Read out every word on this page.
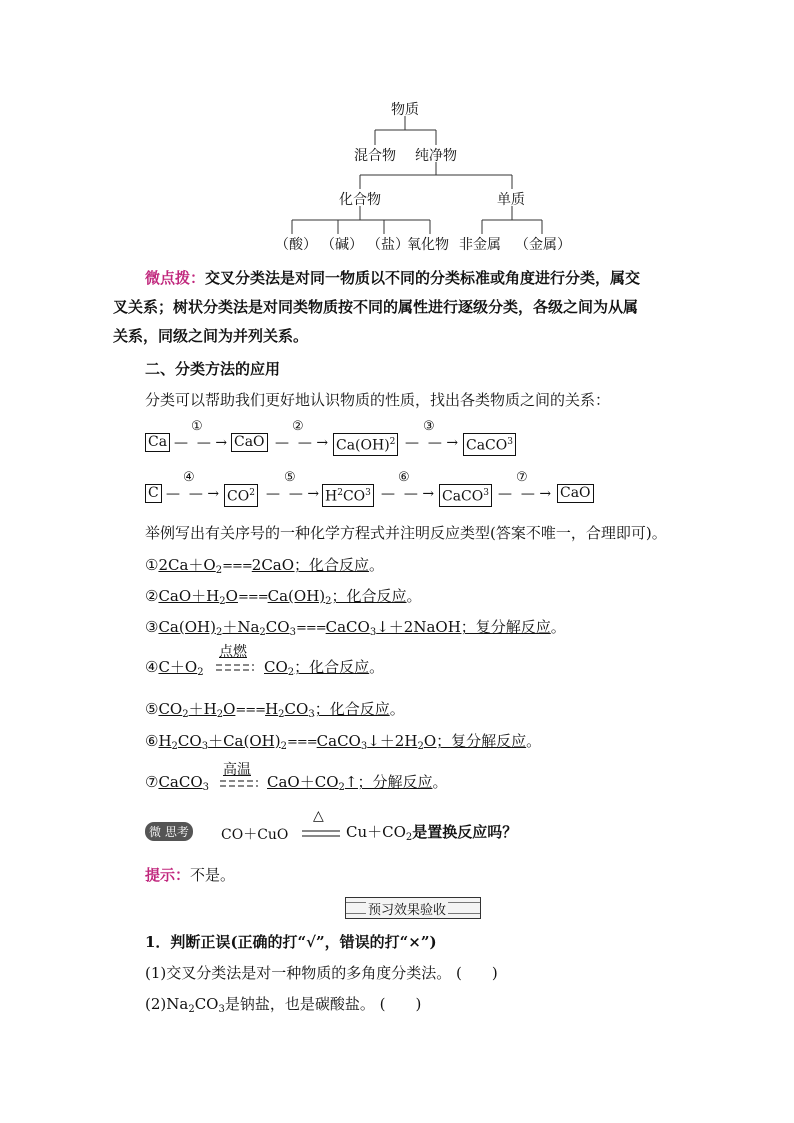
物质
混合物 纯净物
化合物	单质
（酸） （碱） （盐）
氧化物 非金属 （金属）
微点拨：交叉分类法是对同一物质以不同的分类标准或角度进行分类，属交
叉关系；树状分类法是对同类物质按不同的属性进行逐级分类，各级之间为从属
关系，同级之间为并列关系。
二、分类方法的应用
分类可以帮助我们更好地认识物质的性质，找出各类物质之间的关系：
Ca
①
—  — → CaO
②
—  — → Ca(OH)$^2$
③
—  — → CaCO$^3$
C
④
—  — → $CO^2$
⑤
—  — → $H^2CO^3$
⑥
—  — → CaCO$^3$
⑦
—  — → CaO
举例写出有关序号的一种化学方程式并注明反应类型(答案不唯一，合理即可)。
$①2Ca+O_2===2CaO$；化合反应。
$②CaO+H_2O===Ca(OH)_2$；化合反应。
$③Ca(OH)_2+Na_2CO_3===CaCO_3↓+2NaOH$；复分解反应。
$④C+O_2$
点燃
$CO_2$；化合反应。
$⑤CO_2+H_2O===H_2CO_3$；化合反应。
$⑥H_2CO_3+Ca(OH)_2===CaCO_3↓+2H_2O$；复分解反应。
⑦CaCO$_3$
高温
$CaO+CO_2↑$；分解反应。
微 思考 CO＋CuO
△
$Cu+CO_2$是置换反应吗？
提示：不是。
预习效果验收
1．判断正误(正确的打“√”，错误的打“×”)
(1)交叉分类法是对一种物质的多角度分类法。 (　　)
$(2)Na_2CO_3$是钠盐，也是碳酸盐。 (　　)
